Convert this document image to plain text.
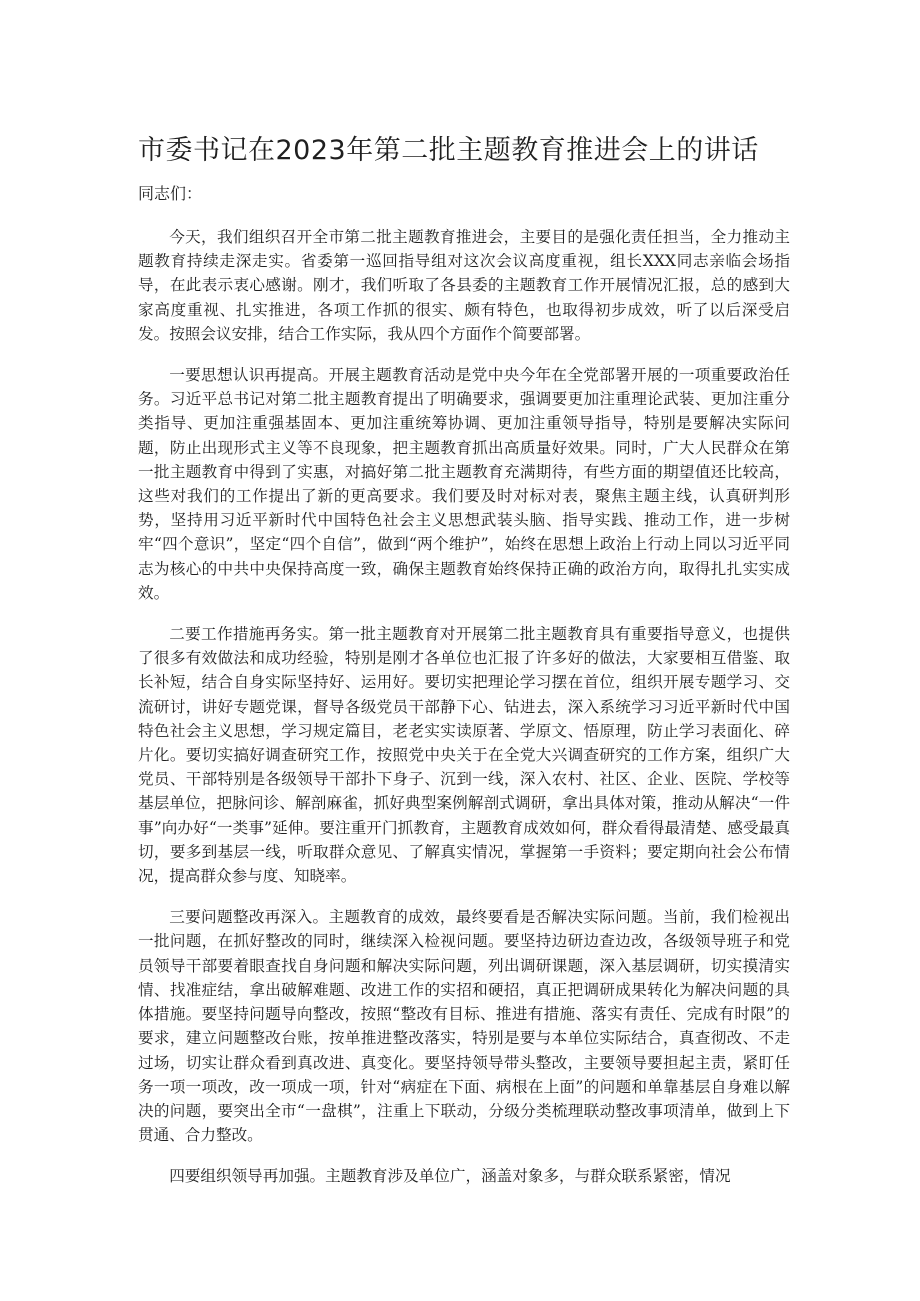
市委书记在2023年第二批主题教育推进会上的讲话

同志们：

今天，我们组织召开全市第二批主题教育推进会，主要目的是强化责任担当，全力推动主题教育持续走深走实。省委第一巡回指导组对这次会议高度重视，组长XXX同志亲临会场指导，在此表示衷心感谢。刚才，我们听取了各县委的主题教育工作开展情况汇报，总的感到大家高度重视、扎实推进，各项工作抓的很实、颇有特色，也取得初步成效，听了以后深受启发。按照会议安排，结合工作实际，我从四个方面作个简要部署。

一要思想认识再提高。开展主题教育活动是党中央今年在全党部署开展的一项重要政治任务。习近平总书记对第二批主题教育提出了明确要求，强调要更加注重理论武装、更加注重分类指导、更加注重强基固本、更加注重统筹协调、更加注重领导指导，特别是要解决实际问题，防止出现形式主义等不良现象，把主题教育抓出高质量好效果。同时，广大人民群众在第一批主题教育中得到了实惠，对搞好第二批主题教育充满期待，有些方面的期望值还比较高，这些对我们的工作提出了新的更高要求。我们要及时对标对表，聚焦主题主线，认真研判形势，坚持用习近平新时代中国特色社会主义思想武装头脑、指导实践、推动工作，进一步树牢“四个意识”，坚定“四个自信”，做到“两个维护”，始终在思想上政治上行动上同以习近平同志为核心的中共中央保持高度一致，确保主题教育始终保持正确的政治方向，取得扎扎实实成效。

二要工作措施再务实。第一批主题教育对开展第二批主题教育具有重要指导意义，也提供了很多有效做法和成功经验，特别是刚才各单位也汇报了许多好的做法，大家要相互借鉴、取长补短，结合自身实际坚持好、运用好。要切实把理论学习摆在首位，组织开展专题学习、交流研讨，讲好专题党课，督导各级党员干部静下心、钻进去，深入系统学习习近平新时代中国特色社会主义思想，学习规定篇目，老老实实读原著、学原文、悟原理，防止学习表面化、碎片化。要切实搞好调查研究工作，按照党中央关于在全党大兴调查研究的工作方案，组织广大党员、干部特别是各级领导干部扑下身子、沉到一线，深入农村、社区、企业、医院、学校等基层单位，把脉问诊、解剖麻雀，抓好典型案例解剖式调研，拿出具体对策，推动从解决“一件事”向办好“一类事”延伸。要注重开门抓教育，主题教育成效如何，群众看得最清楚、感受最真切，要多到基层一线，听取群众意见、了解真实情况，掌握第一手资料；要定期向社会公布情况，提高群众参与度、知晓率。

三要问题整改再深入。主题教育的成效，最终要看是否解决实际问题。当前，我们检视出一批问题，在抓好整改的同时，继续深入检视问题。要坚持边研边查边改，各级领导班子和党员领导干部要着眼查找自身问题和解决实际问题，列出调研课题，深入基层调研，切实摸清实情、找准症结，拿出破解难题、改进工作的实招和硬招，真正把调研成果转化为解决问题的具体措施。要坚持问题导向整改，按照“整改有目标、推进有措施、落实有责任、完成有时限”的要求，建立问题整改台账，按单推进整改落实，特别是要与本单位实际结合，真查彻改、不走过场，切实让群众看到真改进、真变化。要坚持领导带头整改，主要领导要担起主责，紧盯任务一项一项改，改一项成一项，针对“病症在下面、病根在上面”的问题和单靠基层自身难以解决的问题，要突出全市“一盘棋”，注重上下联动，分级分类梳理联动整改事项清单，做到上下贯通、合力整改。

四要组织领导再加强。主题教育涉及单位广，涵盖对象多，与群众联系紧密，情况
